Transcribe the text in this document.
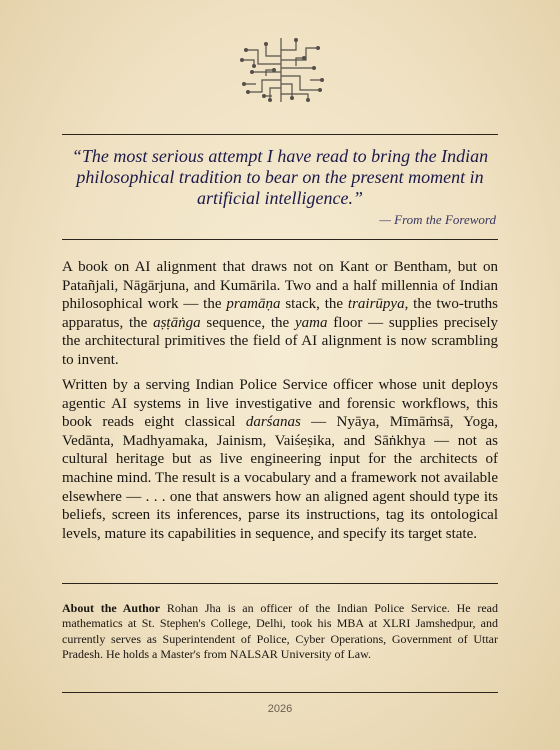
“The most serious attempt I have read to bring the Indian philosophical tradition to bear on the present moment in artificial intelligence.”
— From the Foreword
A book on AI alignment that draws not on Kant or Bentham, but on Patañjali, Nāgārjuna, and Kumārila. Two and a half millennia of Indian philosophical work — the pramāṇa stack, the trairūpya, the two-truths apparatus, the aṣṭāṅga sequence, the yama floor — supplies precisely the architectural primitives the field of AI alignment is now scrambling to invent.
Written by a serving Indian Police Service officer whose unit deploys agentic AI systems in live investigative and forensic workflows, this book reads eight classical darśanas — Nyāya, Mīmāṁsā, Yoga, Vedānta, Madhyamaka, Jainism, Vaiśeṣika, and Sāṅkhya — not as cultural heritage but as live engineering input for the architects of machine mind. The result is a vocabulary and a framework not available elsewhere — . . . one that answers how an aligned agent should type its beliefs, screen its inferences, parse its instructions, tag its ontological levels, mature its capabilities in sequence, and specify its target state.
About the Author Rohan Jha is an officer of the Indian Police Service. He read mathematics at St. Stephen's College, Delhi, took his MBA at XLRI Jamshedpur, and currently serves as Superintendent of Police, Cyber Operations, Government of Uttar Pradesh. He holds a Master's from NALSAR University of Law.
2026
